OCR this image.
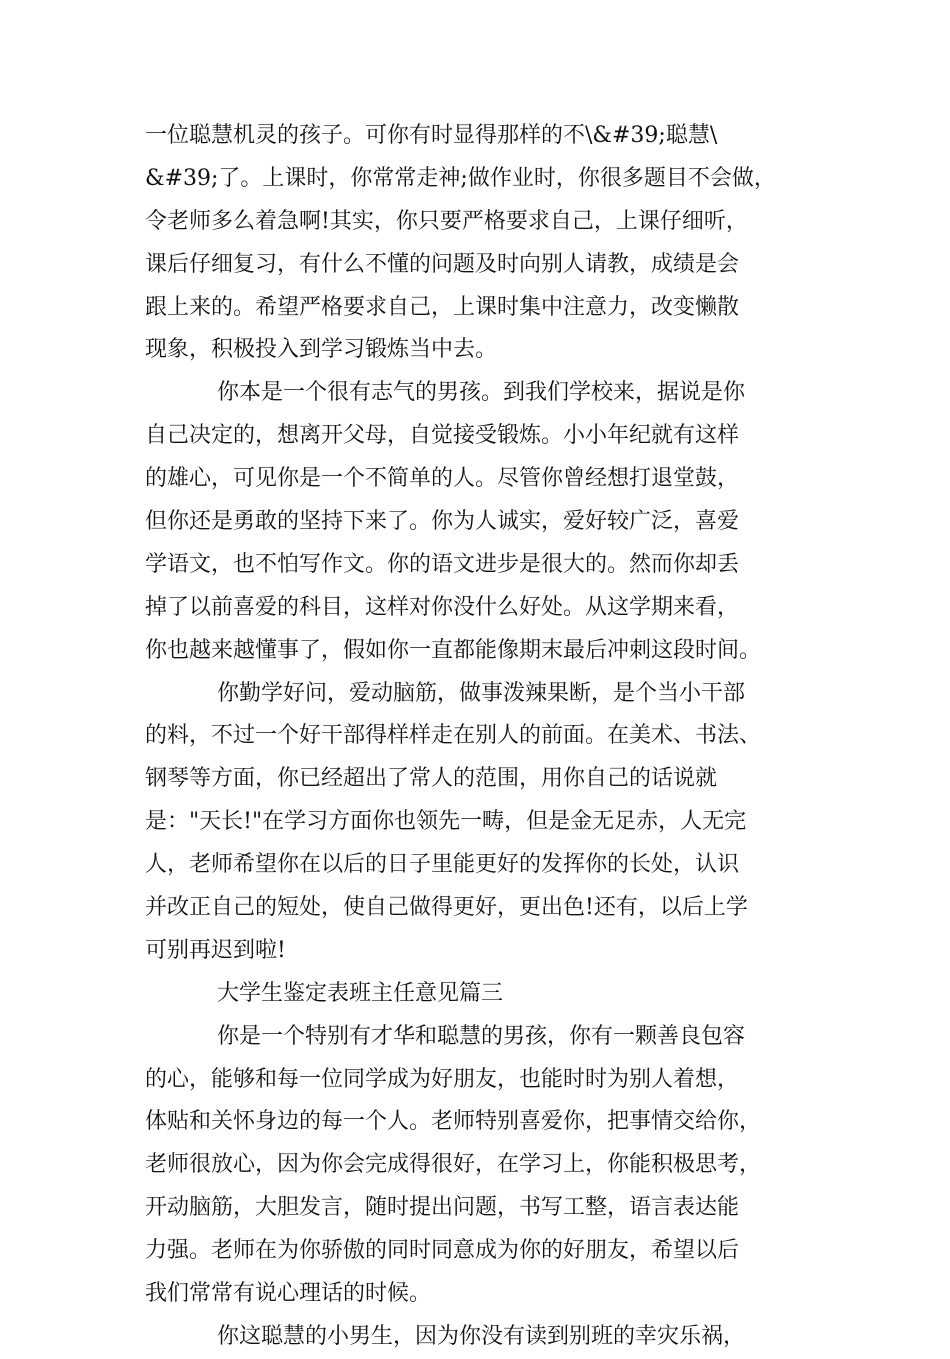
一位聪慧机灵的孩子。可你有时显得那样的不\&#39;聪慧\
&#39;了。上课时，你常常走神;做作业时，你很多题目不会做，
令老师多么着急啊!其实，你只要严格要求自己，上课仔细听，
课后仔细复习，有什么不懂的问题及时向别人请教，成绩是会
跟上来的。希望严格要求自己，上课时集中注意力，改变懒散
现象，积极投入到学习锻炼当中去。
你本是一个很有志气的男孩。到我们学校来，据说是你
自己决定的，想离开父母，自觉接受锻炼。小小年纪就有这样
的雄心，可见你是一个不简单的人。尽管你曾经想打退堂鼓，
但你还是勇敢的坚持下来了。你为人诚实，爱好较广泛，喜爱
学语文，也不怕写作文。你的语文进步是很大的。然而你却丢
掉了以前喜爱的科目，这样对你没什么好处。从这学期来看，
你也越来越懂事了，假如你一直都能像期末最后冲刺这段时间。
你勤学好问，爱动脑筋，做事泼辣果断，是个当小干部
的料，不过一个好干部得样样走在别人的前面。在美术、书法、
钢琴等方面，你已经超出了常人的范围，用你自己的话说就
是："天长!"在学习方面你也领先一畴，但是金无足赤，人无完
人，老师希望你在以后的日子里能更好的发挥你的长处，认识
并改正自己的短处，使自己做得更好，更出色!还有，以后上学
可别再迟到啦!
大学生鉴定表班主任意见篇三
你是一个特别有才华和聪慧的男孩，你有一颗善良包容
的心，能够和每一位同学成为好朋友，也能时时为别人着想，
体贴和关怀身边的每一个人。老师特别喜爱你，把事情交给你，
老师很放心，因为你会完成得很好，在学习上，你能积极思考，
开动脑筋，大胆发言，随时提出问题，书写工整，语言表达能
力强。老师在为你骄傲的同时同意成为你的好朋友，希望以后
我们常常有说心理话的时候。
你这聪慧的小男生，因为你没有读到别班的幸灾乐祸，
